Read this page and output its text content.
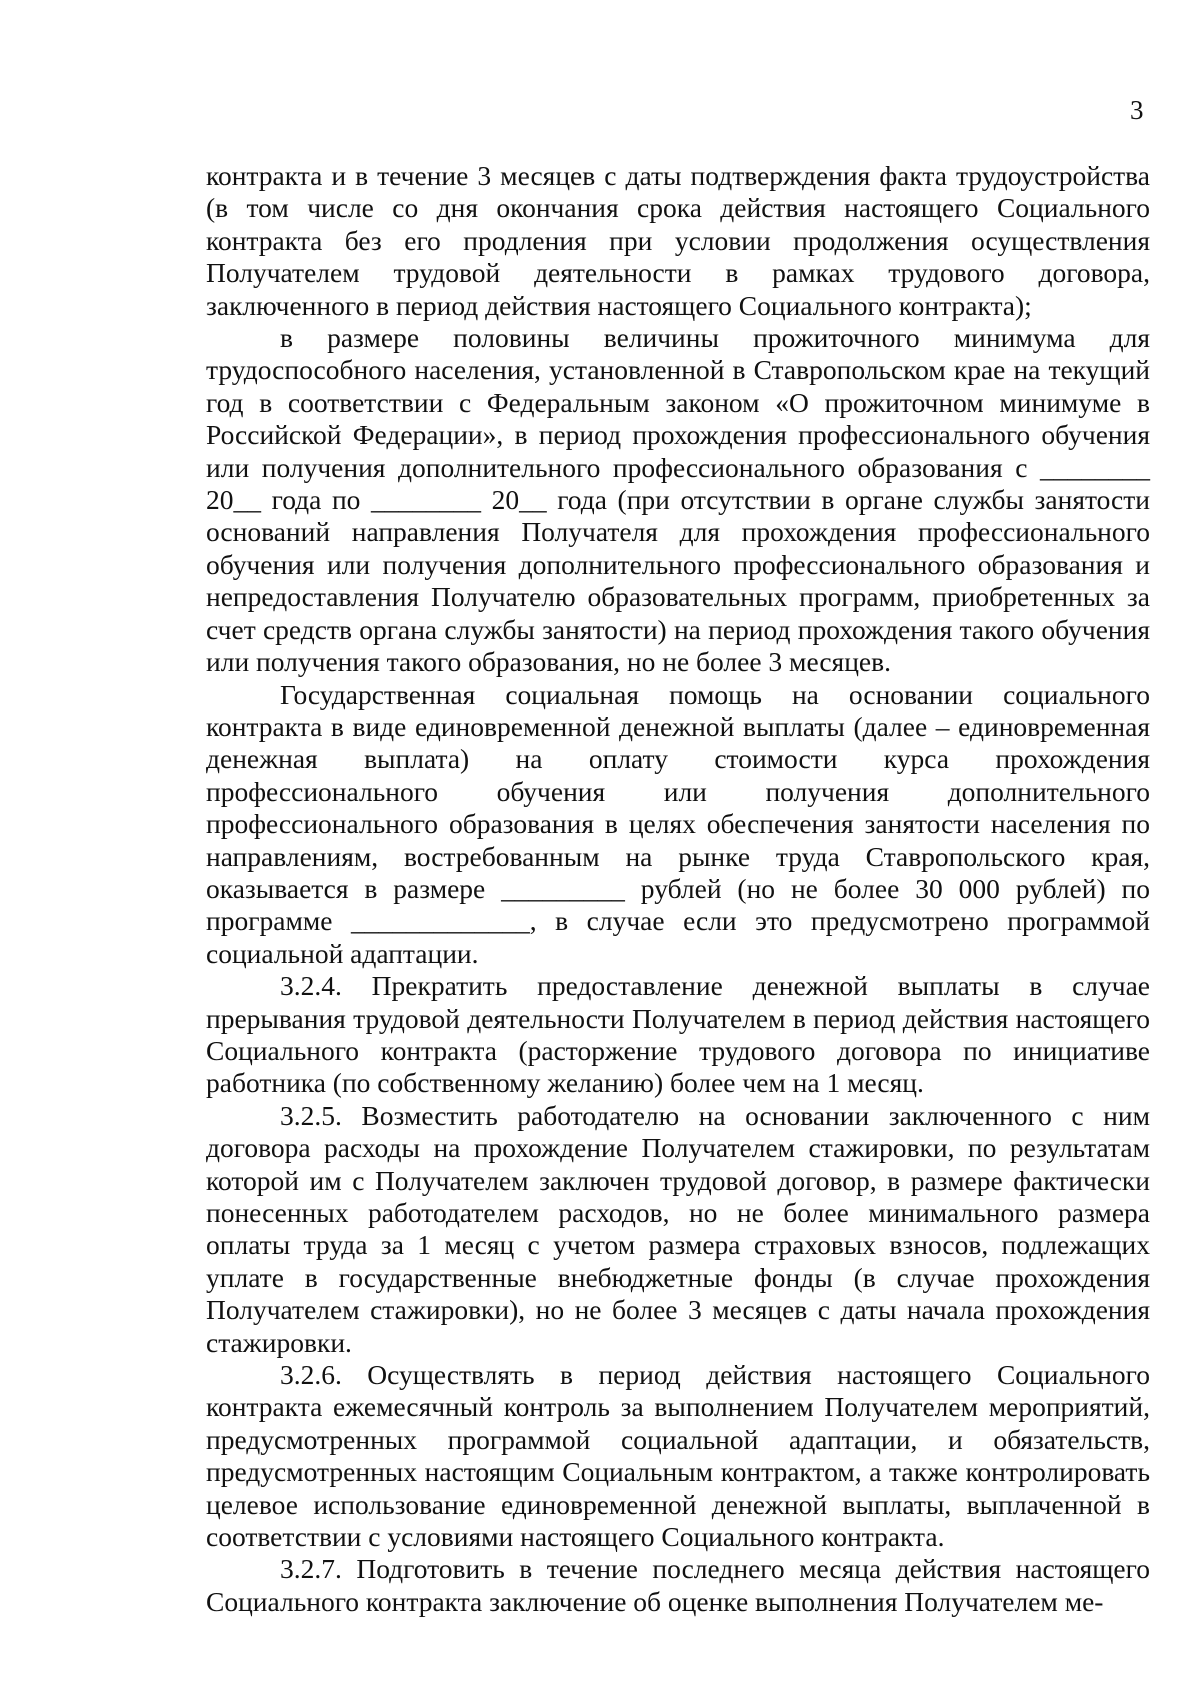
3

контракта и в течение 3 месяцев с даты подтверждения факта трудоустройства (в том числе со дня окончания срока действия настоящего Социального контракта без его продления при условии продолжения осуществления Получателем трудовой деятельности в рамках трудового договора, заключенного в период действия настоящего Социального контракта);

в размере половины величины прожиточного минимума для трудоспособного населения, установленной в Ставропольском крае на текущий год в соответствии с Федеральным законом «О прожиточном минимуме в Российской Федерации», в период прохождения профессионального обучения или получения дополнительного профессионального образования с ________ 20__ года по ________ 20__ года (при отсутствии в органе службы занятости оснований направления Получателя для прохождения профессионального обучения или получения дополнительного профессионального образования и непредоставления Получателю образовательных программ, приобретенных за счет средств органа службы занятости) на период прохождения такого обучения или получения такого образования, но не более 3 месяцев.

Государственная социальная помощь на основании социального контракта в виде единовременной денежной выплаты (далее – единовременная денежная выплата) на оплату стоимости курса прохождения профессионального обучения или получения дополнительного профессионального образования в целях обеспечения занятости населения по направлениям, востребованным на рынке труда Ставропольского края, оказывается в размере _________ рублей (но не более 30 000 рублей) по программе _____________, в случае если это предусмотрено программой социальной адаптации.

3.2.4. Прекратить предоставление денежной выплаты в случае прерывания трудовой деятельности Получателем в период действия настоящего Социального контракта (расторжение трудового договора по инициативе работника (по собственному желанию) более чем на 1 месяц.

3.2.5. Возместить работодателю на основании заключенного с ним договора расходы на прохождение Получателем стажировки, по результатам которой им с Получателем заключен трудовой договор, в размере фактически понесенных работодателем расходов, но не более минимального размера оплаты труда за 1 месяц с учетом размера страховых взносов, подлежащих уплате в государственные внебюджетные фонды (в случае прохождения Получателем стажировки), но не более 3 месяцев с даты начала прохождения стажировки.

3.2.6. Осуществлять в период действия настоящего Социального контракта ежемесячный контроль за выполнением Получателем мероприятий, предусмотренных программой социальной адаптации, и обязательств, предусмотренных настоящим Социальным контрактом, а также контролировать целевое использование единовременной денежной выплаты, выплаченной в соответствии с условиями настоящего Социального контракта.

3.2.7. Подготовить в течение последнего месяца действия настоящего Социального контракта заключение об оценке выполнения Получателем ме-
